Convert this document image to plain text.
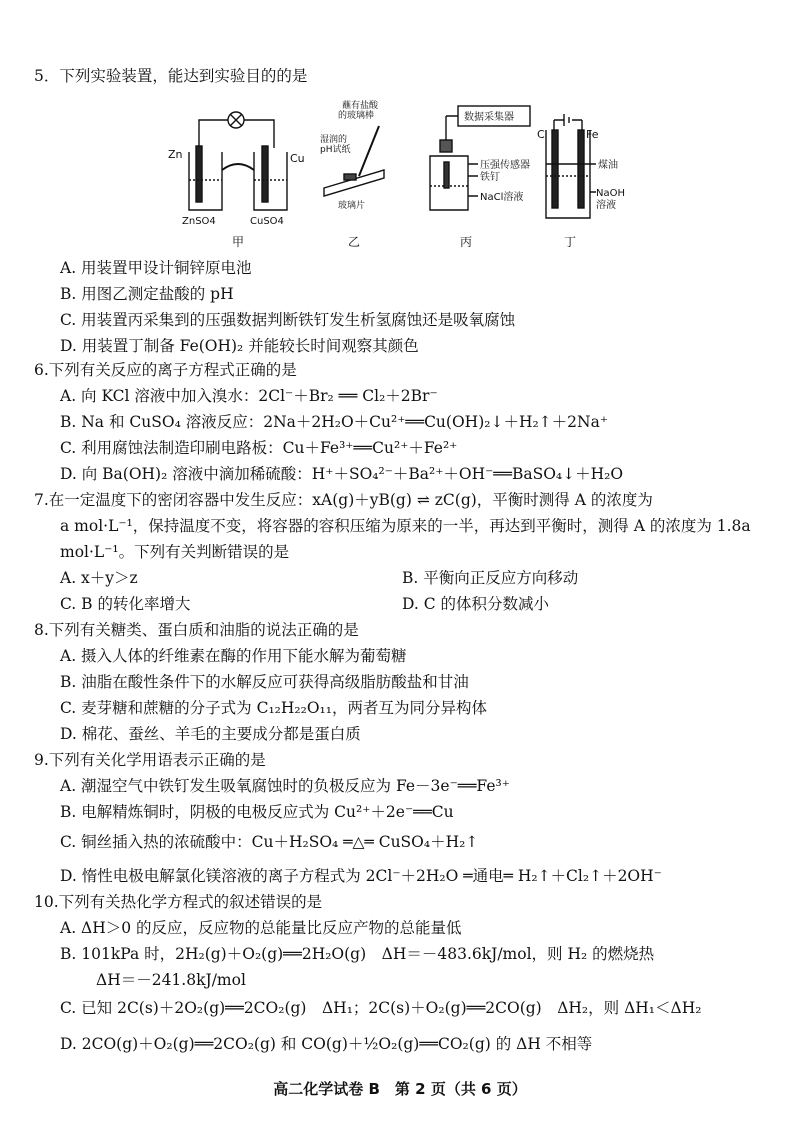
5．下列实验装置，能达到实验目的的是
Zn	Cu
ZnSO4	CuSO4
甲
蘸有盐酸
的玻璃棒
湿润的
pH试纸
玻璃片
乙
数据采集器
压强传感器
铁钉
NaCl溶液
丙
C	Fe
煤油
NaOH
溶液
丁
A. 用装置甲设计铜锌原电池
B. 用图乙测定盐酸的 pH
C. 用装置丙采集到的压强数据判断铁钉发生析氢腐蚀还是吸氧腐蚀
D. 用装置丁制备 Fe(OH)₂ 并能较长时间观察其颜色
6.下列有关反应的离子方程式正确的是
A. 向 KCl 溶液中加入溴水：2Cl⁻＋Br₂ ══ Cl₂＋2Br⁻
B. Na 和 CuSO₄ 溶液反应：2Na＋2H₂O＋Cu²⁺══Cu(OH)₂↓＋H₂↑＋2Na⁺
C. 利用腐蚀法制造印刷电路板：Cu＋Fe³⁺══Cu²⁺＋Fe²⁺
D. 向 Ba(OH)₂ 溶液中滴加稀硫酸：H⁺＋SO₄²⁻＋Ba²⁺＋OH⁻══BaSO₄↓＋H₂O
7.在一定温度下的密闭容器中发生反应：xA(g)＋yB(g) ⇌ zC(g)，平衡时测得 A 的浓度为
a mol·L⁻¹，保持温度不变，将容器的容积压缩为原来的一半，再达到平衡时，测得 A 的浓度为 1.8a
mol·L⁻¹。下列有关判断错误的是
A. x＋y＞z	B. 平衡向正反应方向移动
C. B 的转化率增大	D. C 的体积分数减小
8.下列有关糖类、蛋白质和油脂的说法正确的是
A. 摄入人体的纤维素在酶的作用下能水解为葡萄糖
B. 油脂在酸性条件下的水解反应可获得高级脂肪酸盐和甘油
C. 麦芽糖和蔗糖的分子式为 C₁₂H₂₂O₁₁，两者互为同分异构体
D. 棉花、蚕丝、羊毛的主要成分都是蛋白质
9.下列有关化学用语表示正确的是
A. 潮湿空气中铁钉发生吸氧腐蚀时的负极反应为 Fe－3e⁻══Fe³⁺
B. 电解精炼铜时，阴极的电极反应式为 Cu²⁺＋2e⁻══Cu
C. 铜丝插入热的浓硫酸中：Cu＋H₂SO₄ ═△═ CuSO₄＋H₂↑
D. 惰性电极电解氯化镁溶液的离子方程式为 2Cl⁻＋2H₂O ═通电═ H₂↑＋Cl₂↑＋2OH⁻
10.下列有关热化学方程式的叙述错误的是
A. ΔH＞0 的反应，反应物的总能量比反应产物的总能量低
B. 101kPa 时，2H₂(g)＋O₂(g)══2H₂O(g)　ΔH＝－483.6kJ/mol，则 H₂ 的燃烧热
ΔH＝－241.8kJ/mol
C. 已知 2C(s)＋2O₂(g)══2CO₂(g)　ΔH₁；2C(s)＋O₂(g)══2CO(g)　ΔH₂，则 ΔH₁＜ΔH₂
D. 2CO(g)＋O₂(g)══2CO₂(g) 和 CO(g)＋½O₂(g)══CO₂(g) 的 ΔH 不相等
高二化学试卷 B　第 2 页（共 6 页）
